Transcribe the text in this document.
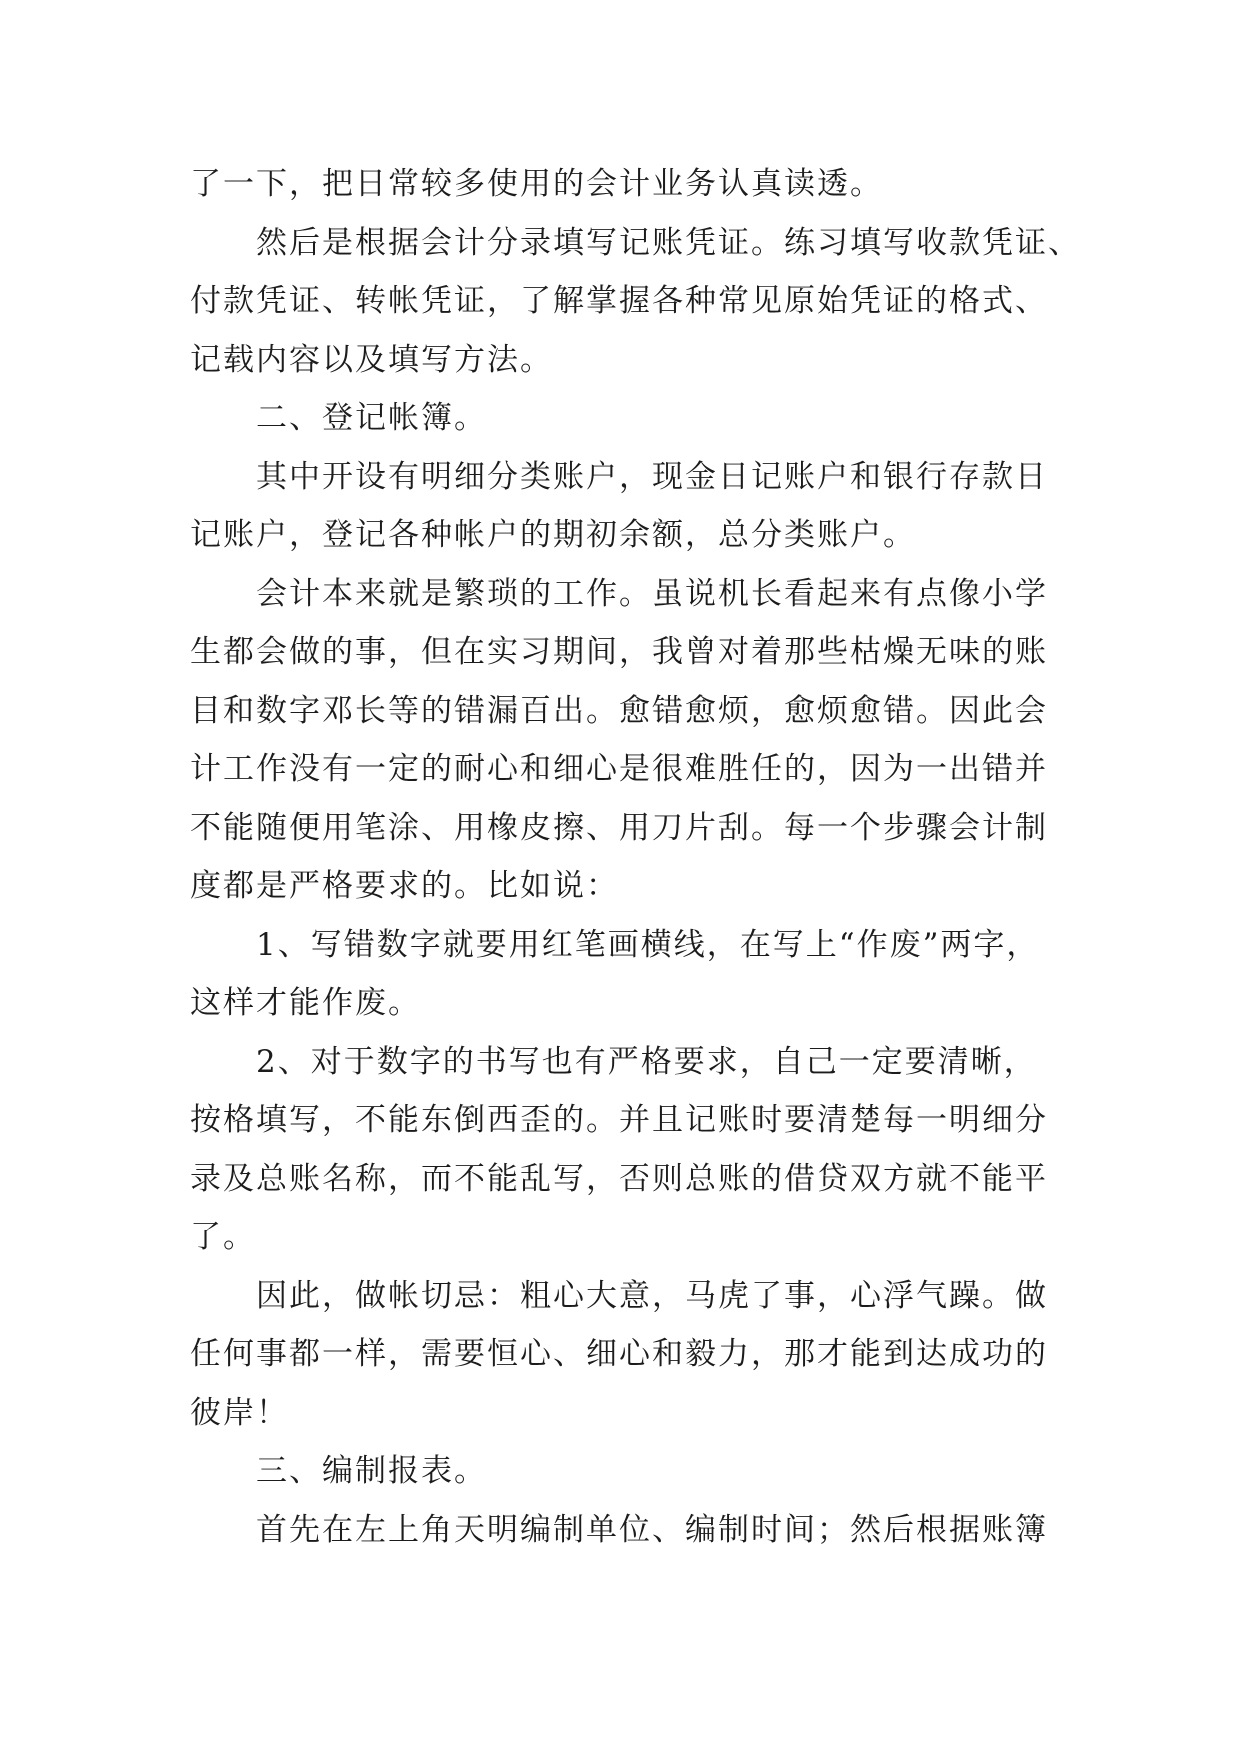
了一下，把日常较多使用的会计业务认真读透。
然后是根据会计分录填写记账凭证。练习填写收款凭证、
付款凭证、转帐凭证，了解掌握各种常见原始凭证的格式、
记载内容以及填写方法。
二、登记帐簿。
其中开设有明细分类账户，现金日记账户和银行存款日
记账户，登记各种帐户的期初余额，总分类账户。
会计本来就是繁琐的工作。虽说机长看起来有点像小学
生都会做的事，但在实习期间，我曾对着那些枯燥无味的账
目和数字邓长等的错漏百出。愈错愈烦，愈烦愈错。因此会
计工作没有一定的耐心和细心是很难胜任的，因为一出错并
不能随便用笔涂、用橡皮擦、用刀片刮。每一个步骤会计制
度都是严格要求的。比如说：
1、写错数字就要用红笔画横线，在写上“作废”两字，
这样才能作废。
2、对于数字的书写也有严格要求，自己一定要清晰，
按格填写，不能东倒西歪的。并且记账时要清楚每一明细分
录及总账名称，而不能乱写，否则总账的借贷双方就不能平
了。
因此，做帐切忌：粗心大意，马虎了事，心浮气躁。做
任何事都一样，需要恒心、细心和毅力，那才能到达成功的
彼岸！
三、编制报表。
首先在左上角天明编制单位、编制时间；然后根据账簿
